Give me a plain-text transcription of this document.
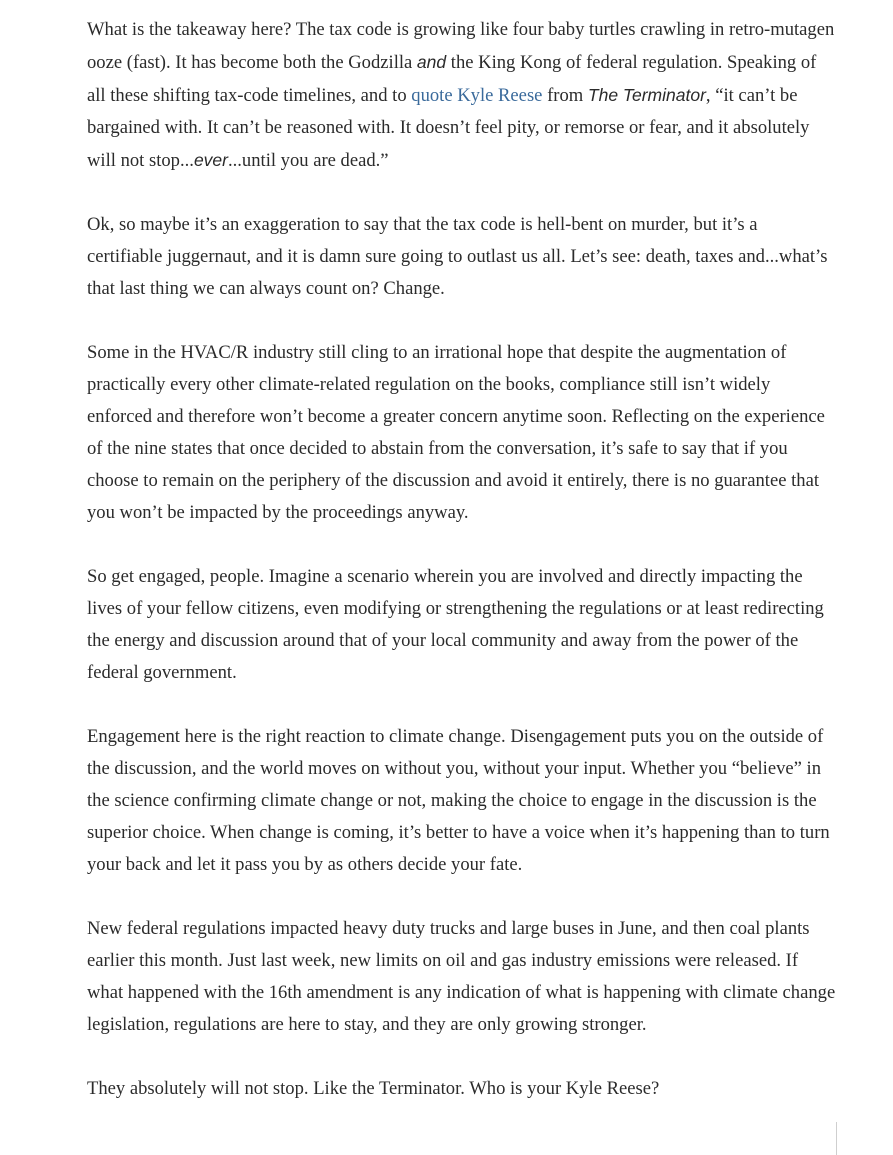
What is the takeaway here? The tax code is growing like four baby turtles crawling in retro-mutagen ooze (fast). It has become both the Godzilla and the King Kong of federal regulation. Speaking of all these shifting tax-code timelines, and to quote Kyle Reese from The Terminator, “it can’t be bargained with. It can’t be reasoned with. It doesn’t feel pity, or remorse or fear, and it absolutely will not stop...ever...until you are dead.”

Ok, so maybe it’s an exaggeration to say that the tax code is hell-bent on murder, but it’s a certifiable juggernaut, and it is damn sure going to outlast us all. Let’s see: death, taxes and...what’s that last thing we can always count on? Change.

Some in the HVAC/R industry still cling to an irrational hope that despite the augmentation of practically every other climate-related regulation on the books, compliance still isn’t widely enforced and therefore won’t become a greater concern anytime soon. Reflecting on the experience of the nine states that once decided to abstain from the conversation, it’s safe to say that if you choose to remain on the periphery of the discussion and avoid it entirely, there is no guarantee that you won’t be impacted by the proceedings anyway.

So get engaged, people. Imagine a scenario wherein you are involved and directly impacting the lives of your fellow citizens, even modifying or strengthening the regulations or at least redirecting the energy and discussion around that of your local community and away from the power of the federal government.

Engagement here is the right reaction to climate change. Disengagement puts you on the outside of the discussion, and the world moves on without you, without your input. Whether you “believe” in the science confirming climate change or not, making the choice to engage in the discussion is the superior choice. When change is coming, it’s better to have a voice when it’s happening than to turn your back and let it pass you by as others decide your fate.

New federal regulations impacted heavy duty trucks and large buses in June, and then coal plants earlier this month. Just last week, new limits on oil and gas industry emissions were released. If what happened with the 16th amendment is any indication of what is happening with climate change legislation, regulations are here to stay, and they are only growing stronger.

They absolutely will not stop. Like the Terminator. Who is your Kyle Reese?
